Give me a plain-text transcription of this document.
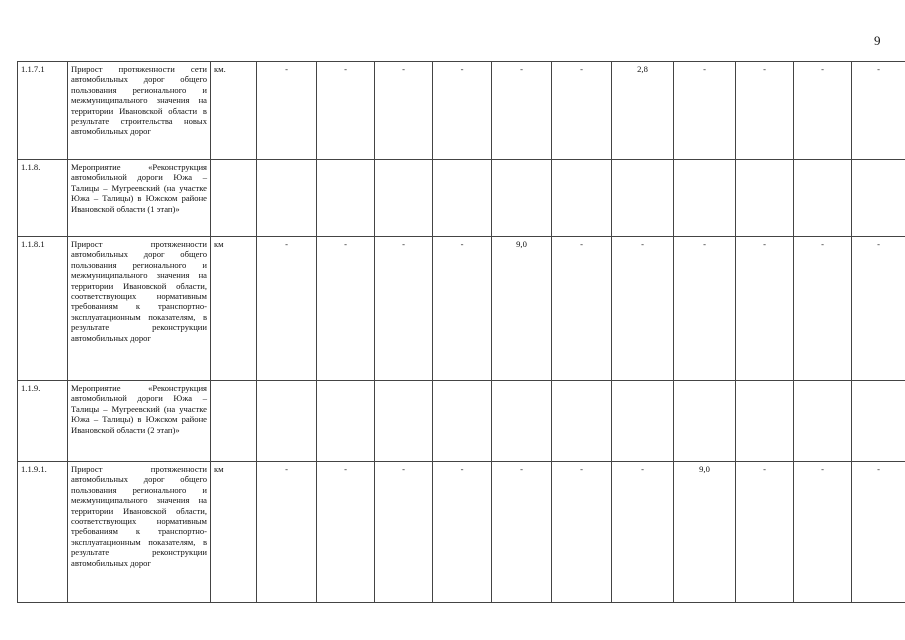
9
1.1.7.1	Прирост протяженности сети автомобильных дорог общего пользования регионального и межмуниципального значения на территории Ивановской области в результате строительства новых автомобильных дорог	км.	-	-	-	-	-	-	2,8	-	-	-	-
1.1.8.	Мероприятие «Реконструкция автомобильной дороги Южа – Талицы – Мугреевский (на участке Южа – Талицы) в Южском районе Ивановской области (1 этап)»												
1.1.8.1	Прирост протяженности автомобильных дорог общего пользования регионального и межмуниципального значения на территории Ивановской области, соответствующих нормативным требованиям к транспортно-эксплуатационным показателям, в результате реконструкции автомобильных дорог	км	-	-	-	-	9,0	-	-	-	-	-	-
1.1.9.	Мероприятие «Реконструкция автомобильной дороги Южа – Талицы – Мугреевский (на участке Южа – Талицы) в Южском районе Ивановской области (2 этап)»												
1.1.9.1.	Прирост протяженности автомобильных дорог общего пользования регионального и межмуниципального значения на территории Ивановской области, соответствующих нормативным требованиям к транспортно-эксплуатационным показателям, в результате реконструкции автомобильных дорог	км	-	-	-	-	-	-	-	9,0	-	-	-
